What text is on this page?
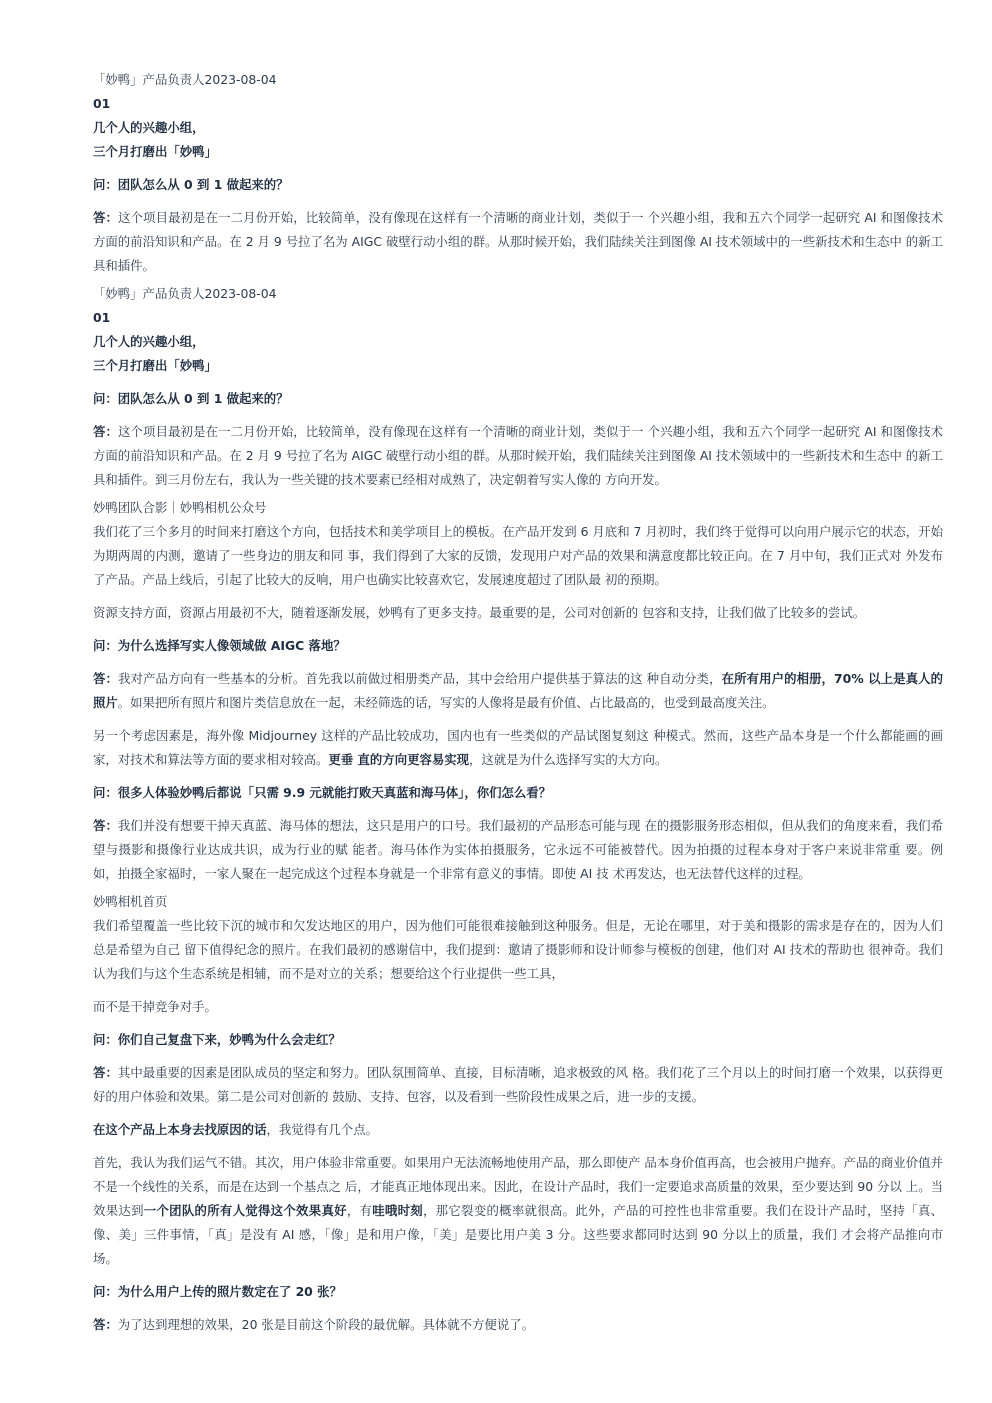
「妙鸭」产品负责人2023-08-04

01

几个人的兴趣小组，

三个月打磨出「妙鸭」

问：团队怎么从 0 到 1 做起来的？

答：这个项目最初是在一二月份开始，比较简单，没有像现在这样有一个清晰的商业计划，类似于一 个兴趣小组，我和五六个同学一起研究 AI 和图像技术方面的前沿知识和产品。在 2 月 9 号拉了名为 AIGC 破壁行动小组的群。从那时候开始，我们陆续关注到图像 AI 技术领域中的一些新技术和生态中 的新工具和插件。

「妙鸭」产品负责人2023-08-04

01

几个人的兴趣小组，

三个月打磨出「妙鸭」

问：团队怎么从 0 到 1 做起来的？

答：这个项目最初是在一二月份开始，比较简单，没有像现在这样有一个清晰的商业计划，类似于一 个兴趣小组，我和五六个同学一起研究 AI 和图像技术方面的前沿知识和产品。在 2 月 9 号拉了名为 AIGC 破壁行动小组的群。从那时候开始，我们陆续关注到图像 AI 技术领域中的一些新技术和生态中 的新工具和插件。到三月份左右，我认为一些关键的技术要素已经相对成熟了，决定朝着写实人像的 方向开发。

妙鸭团队合影｜妙鸭相机公众号

我们花了三个多月的时间来打磨这个方向，包括技术和美学项目上的模板。在产品开发到 6 月底和 7 月初时，我们终于觉得可以向用户展示它的状态，开始为期两周的内测，邀请了一些身边的朋友和同 事，我们得到了大家的反馈，发现用户对产品的效果和满意度都比较正向。在 7 月中旬，我们正式对 外发布了产品。产品上线后，引起了比较大的反响，用户也确实比较喜欢它，发展速度超过了团队最 初的预期。

资源支持方面，资源占用最初不大，随着逐渐发展，妙鸭有了更多支持。最重要的是，公司对创新的 包容和支持，让我们做了比较多的尝试。

问：为什么选择写实人像领域做 AIGC 落地？

答：我对产品方向有一些基本的分析。首先我以前做过相册类产品，其中会给用户提供基于算法的这 种自动分类，在所有用户的相册，70% 以上是真人的照片。如果把所有照片和图片类信息放在一起，未经筛选的话，写实的人像将是最有价值、占比最高的，也受到最高度关注。

另一个考虑因素是，海外像 Midjourney 这样的产品比较成功，国内也有一些类似的产品试图复刻这 种模式。然而，这些产品本身是一个什么都能画的画家，对技术和算法等方面的要求相对较高。更垂 直的方向更容易实现，这就是为什么选择写实的大方向。

问：很多人体验妙鸭后都说「只需 9.9 元就能打败天真蓝和海马体」，你们怎么看？

答：我们并没有想要干掉天真蓝、海马体的想法，这只是用户的口号。我们最初的产品形态可能与现 在的摄影服务形态相似，但从我们的角度来看，我们希望与摄影和摄像行业达成共识，成为行业的赋 能者。海马体作为实体拍摄服务，它永远不可能被替代。因为拍摄的过程本身对于客户来说非常重 要。例如，拍摄全家福时，一家人聚在一起完成这个过程本身就是一个非常有意义的事情。即使 AI 技 术再发达，也无法替代这样的过程。

妙鸭相机首页

我们希望覆盖一些比较下沉的城市和欠发达地区的用户，因为他们可能很难接触到这种服务。但是，无论在哪里，对于美和摄影的需求是存在的，因为人们总是希望为自己 留下值得纪念的照片。在我们最初的感谢信中，我们提到：邀请了摄影师和设计师参与模板的创建，他们对 AI 技术的帮助也 很神奇。我们认为我们与这个生态系统是相辅，而不是对立的关系；想要给这个行业提供一些工具，

而不是干掉竞争对手。

问：你们自己复盘下来，妙鸭为什么会走红？

答：其中最重要的因素是团队成员的坚定和努力。团队氛围简单、直接，目标清晰，追求极致的风 格。我们花了三个月以上的时间打磨一个效果，以获得更好的用户体验和效果。第二是公司对创新的 鼓励、支持、包容，以及看到一些阶段性成果之后，进一步的支援。

在这个产品上本身去找原因的话，我觉得有几个点。

首先，我认为我们运气不错。其次，用户体验非常重要。如果用户无法流畅地使用产品，那么即使产 品本身价值再高，也会被用户抛弃。产品的商业价值并不是一个线性的关系，而是在达到一个基点之 后，才能真正地体现出来。因此，在设计产品时，我们一定要追求高质量的效果，至少要达到 90 分以 上。当效果达到一个团队的所有人觉得这个效果真好，有哇哦时刻，那它裂变的概率就很高。此外，产品的可控性也非常重要。我们在设计产品时，坚持「真、像、美」三件事情，「真」是没有 AI 感，「像」是和用户像，「美」是要比用户美 3 分。这些要求都同时达到 90 分以上的质量，我们 才会将产品推向市场。

问：为什么用户上传的照片数定在了 20 张？

答：为了达到理想的效果，20 张是目前这个阶段的最优解。具体就不方便说了。
